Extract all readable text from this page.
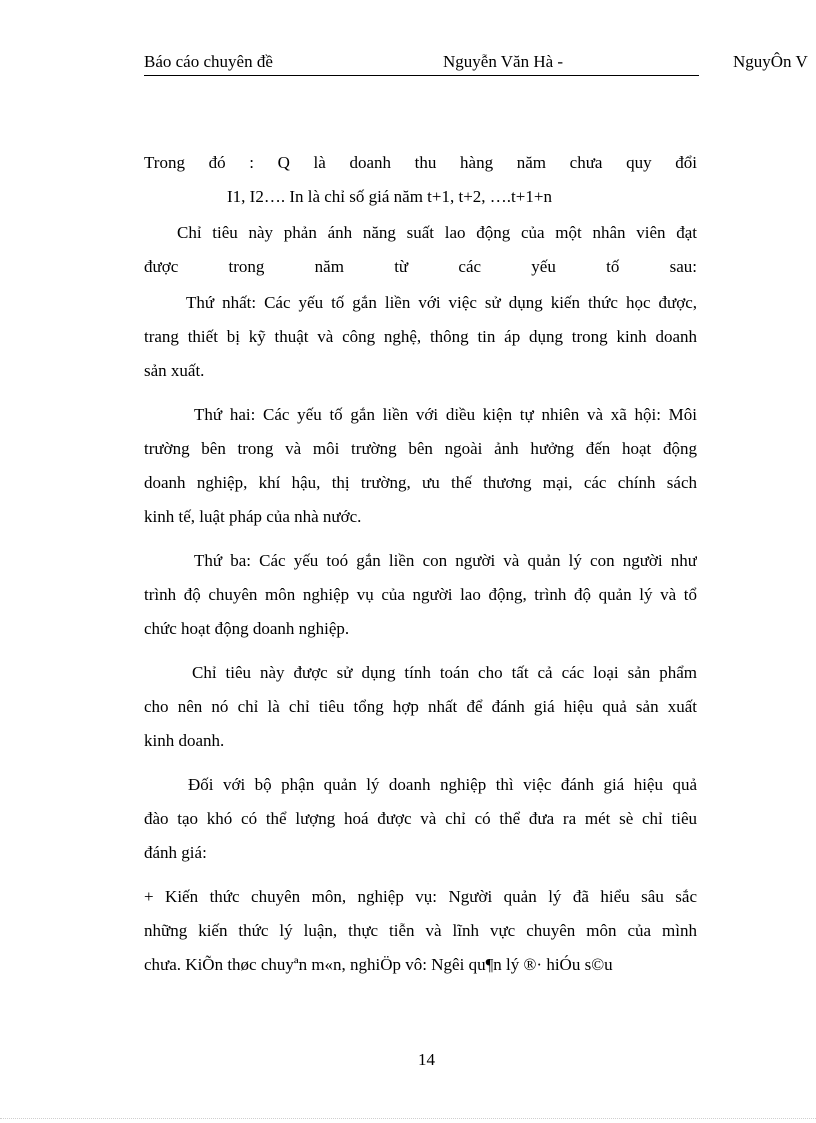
Báo cáo chuyên đề	Nguyễn Văn Hà -	NguyÔn V
Trong đó : Q là doanh thu hàng năm chưa quy đổi
I1, I2…. In là chỉ số giá năm t+1, t+2, ….t+1+n
Chỉ tiêu này phản ánh năng suất lao động của một nhân viên đạt
được trong năm từ các yếu tố sau:
Thứ nhất: Các yếu tố gắn liền với việc sử dụng kiến thức học được,
trang thiết bị kỹ thuật và công nghệ, thông tin áp dụng trong kinh doanh
sản xuất.
Thứ hai: Các yếu tố gắn liền với diều kiện tự nhiên và xã hội: Môi
trường bên trong và môi trường bên ngoài ảnh hưởng đến hoạt động
doanh nghiệp, khí hậu, thị trường, ưu thế thương mại, các chính sách
kinh tế, luật pháp của nhà nước.
Thứ ba: Các yếu toó gắn liền con người và quản lý con người như
trình độ chuyên môn nghiệp vụ của người lao động, trình độ quản lý và tổ
chức hoạt động doanh nghiệp.
Chỉ tiêu này được sử dụng tính toán cho tất cả các loại sản phẩm
cho nên nó chỉ là chỉ tiêu tổng hợp nhất để đánh giá hiệu quả sản xuất
kinh doanh.
Đối với bộ phận quản lý doanh nghiệp thì việc đánh giá hiệu quả
đào tạo khó có thể lượng hoá được và chỉ có thể đưa ra mét sè chỉ tiêu
đánh giá:
+ Kiến thức chuyên môn, nghiệp vụ: Người quản lý đã hiểu sâu sắc
những kiến thức lý luận, thực tiễn và lĩnh vực chuyên môn của mình
chưa. KiÕn thøc chuyªn m«n, nghiÖp vô: Ngêi qu¶n lý ®· hiÓu s©u
14
